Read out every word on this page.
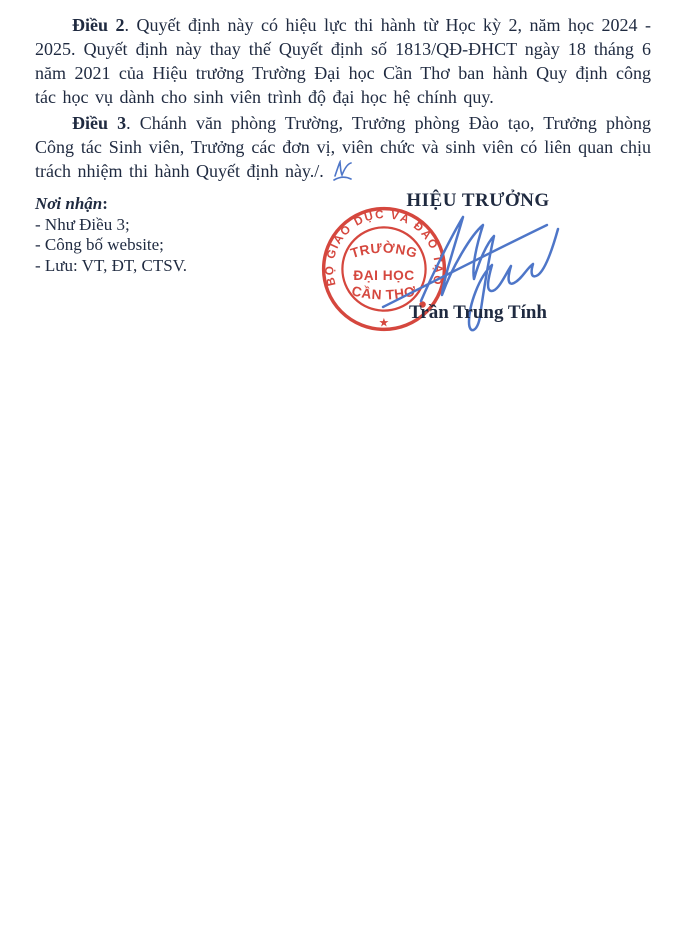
Điều 2. Quyết định này có hiệu lực thi hành từ Học kỳ 2, năm học 2024 - 2025. Quyết định này thay thế Quyết định số 1813/QĐ-ĐHCT ngày 18 tháng 6 năm 2021 của Hiệu trưởng Trường Đại học Cần Thơ ban hành Quy định công tác học vụ dành cho sinh viên trình độ đại học hệ chính quy.

Điều 3. Chánh văn phòng Trường, Trưởng phòng Đào tạo, Trưởng phòng Công tác Sinh viên, Trưởng các đơn vị, viên chức và sinh viên có liên quan chịu trách nhiệm thi hành Quyết định này./.

Nơi nhận:
- Như Điều 3;
- Công bố website;
- Lưu: VT, ĐT, CTSV.
HIỆU TRƯỞNG
BỘ GIÁO DỤC VÀ ĐÀO TẠO
TRƯỜNG
ĐẠI HỌC
CẦN THƠ
★	Trần Trung Tính
